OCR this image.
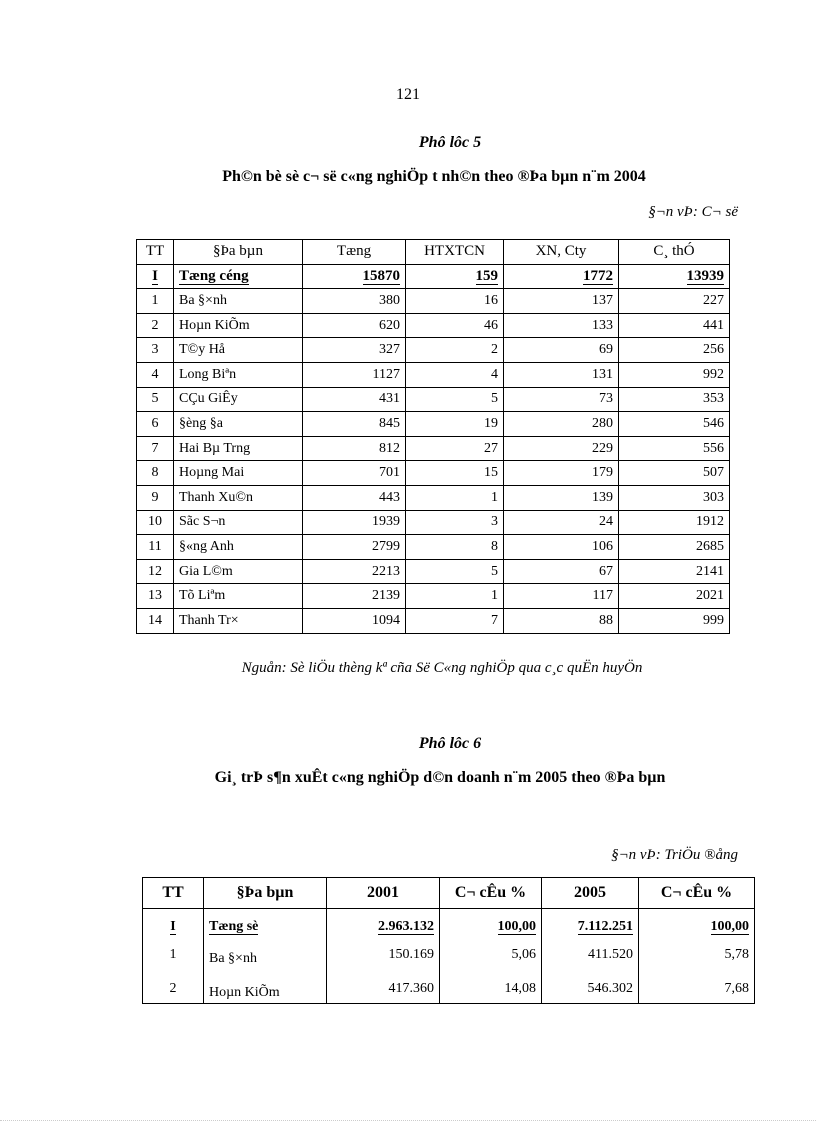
121
Phô lôc 5
Ph©n bè sè c¬ së c«ng nghiÖp t nh©n theo ®Þa bµn n¨m 2004
§¬n vÞ: C¬ së
TT	§Þa bµn	Tæng	HTXTCN	XN, Cty	C¸ thÓ
I	Tæng céng	15870	159	1772	13939
1	Ba §×nh	380	16	137	227
2	Hoµn KiÕm	620	46	133	441
3	T©y Hå	327	2	69	256
4	Long Biªn	1127	4	131	992
5	CÇu GiÊy	431	5	73	353
6	§èng §a	845	19	280	546
7	Hai Bµ Trng	812	27	229	556
8	Hoµng Mai	701	15	179	507
9	Thanh Xu©n	443	1	139	303
10	Sãc S¬n	1939	3	24	1912
11	§«ng Anh	2799	8	106	2685
12	Gia L©m	2213	5	67	2141
13	Tõ Liªm	2139	1	117	2021
14	Thanh Tr×	1094	7	88	999
Nguån: Sè liÖu thèng kª cña Së C«ng nghiÖp qua c¸c quËn huyÖn
Phô lôc 6
Gi¸ trÞ s¶n xuÊt c«ng nghiÖp d©n doanh n¨m 2005 theo ®Þa bµn
§¬n vÞ: TriÖu ®ång
TT	§Þa bµn	2001	C¬ cÊu %	2005	C¬ cÊu %
I	Tæng sè	2.963.132	100,00	7.112.251	100,00
1	Ba §×nh	150.169	5,06	411.520	5,78
2	Hoµn KiÕm	417.360	14,08	546.302	7,68
